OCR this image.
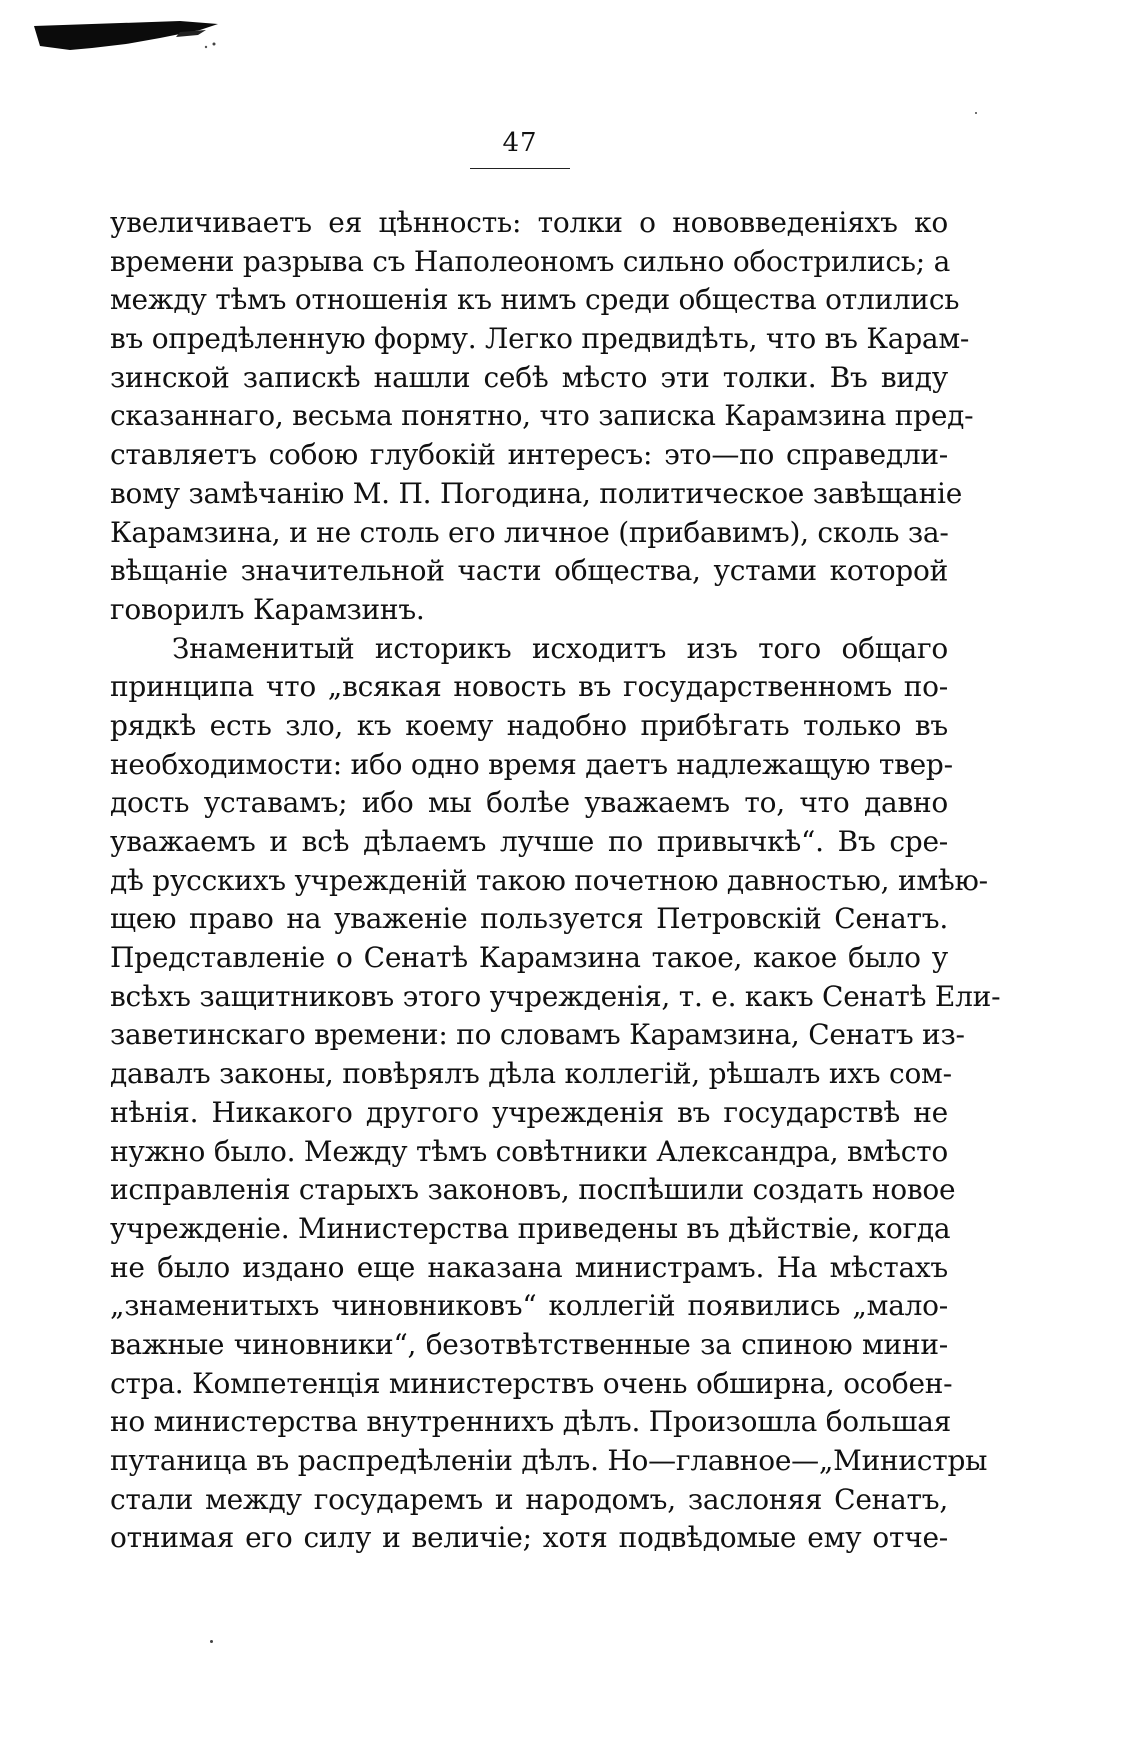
47
увеличиваетъ ея цѣнность: толки о нововведеніяхъ ко
времени разрыва съ Наполеономъ сильно обострились; а
между тѣмъ отношенія къ нимъ среди общества отлились
въ опредѣленную форму. Легко предвидѣть, что въ Карам-
зинской запискѣ нашли себѣ мѣсто эти толки. Въ виду
сказаннаго, весьма понятно, что записка Карамзина пред-
ставляетъ собою глубокій интересъ: это—по справедли-
вому замѣчанію М. П. Погодина, политическое завѣщаніе
Карамзина, и не столь его личное (прибавимъ), сколь за-
вѣщаніе значительной части общества, устами которой
говорилъ Карамзинъ.
Знаменитый историкъ исходитъ изъ того общаго
принципа что „всякая новость въ государственномъ по-
рядкѣ есть зло, къ коему надобно прибѣгать только въ
необходимости: ибо одно время даетъ надлежащую твер-
дость уставамъ; ибо мы болѣе уважаемъ то, что давно
уважаемъ и всѣ дѣлаемъ лучше по привычкѣ“. Въ сре-
дѣ русскихъ учрежденій такою почетною давностью, имѣю-
щею право на уваженіе пользуется Петровскій Сенатъ.
Представленіе о Сенатѣ Карамзина такое, какое было у
всѣхъ защитниковъ этого учрежденія, т. е. какъ Сенатѣ Ели-
заветинскаго времени: по словамъ Карамзина, Сенатъ из-
давалъ законы, повѣрялъ дѣла коллегій, рѣшалъ ихъ сом-
нѣнія. Никакого другого учрежденія въ государствѣ не
нужно было. Между тѣмъ совѣтники Александра, вмѣсто
исправленія старыхъ законовъ, поспѣшили создать новое
учрежденіе. Министерства приведены въ дѣйствіе, когда
не было издано еще наказана министрамъ. На мѣстахъ
„знаменитыхъ чиновниковъ“ коллегій появились „мало-
важные чиновники“, безотвѣтственные за спиною мини-
стра. Компетенція министерствъ очень обширна, особен-
но министерства внутреннихъ дѣлъ. Произошла большая
путаница въ распредѣленіи дѣлъ. Но—главное—„Министры
стали между государемъ и народомъ, заслоняя Сенатъ,
отнимая его силу и величіе; хотя подвѣдомые ему отче-
